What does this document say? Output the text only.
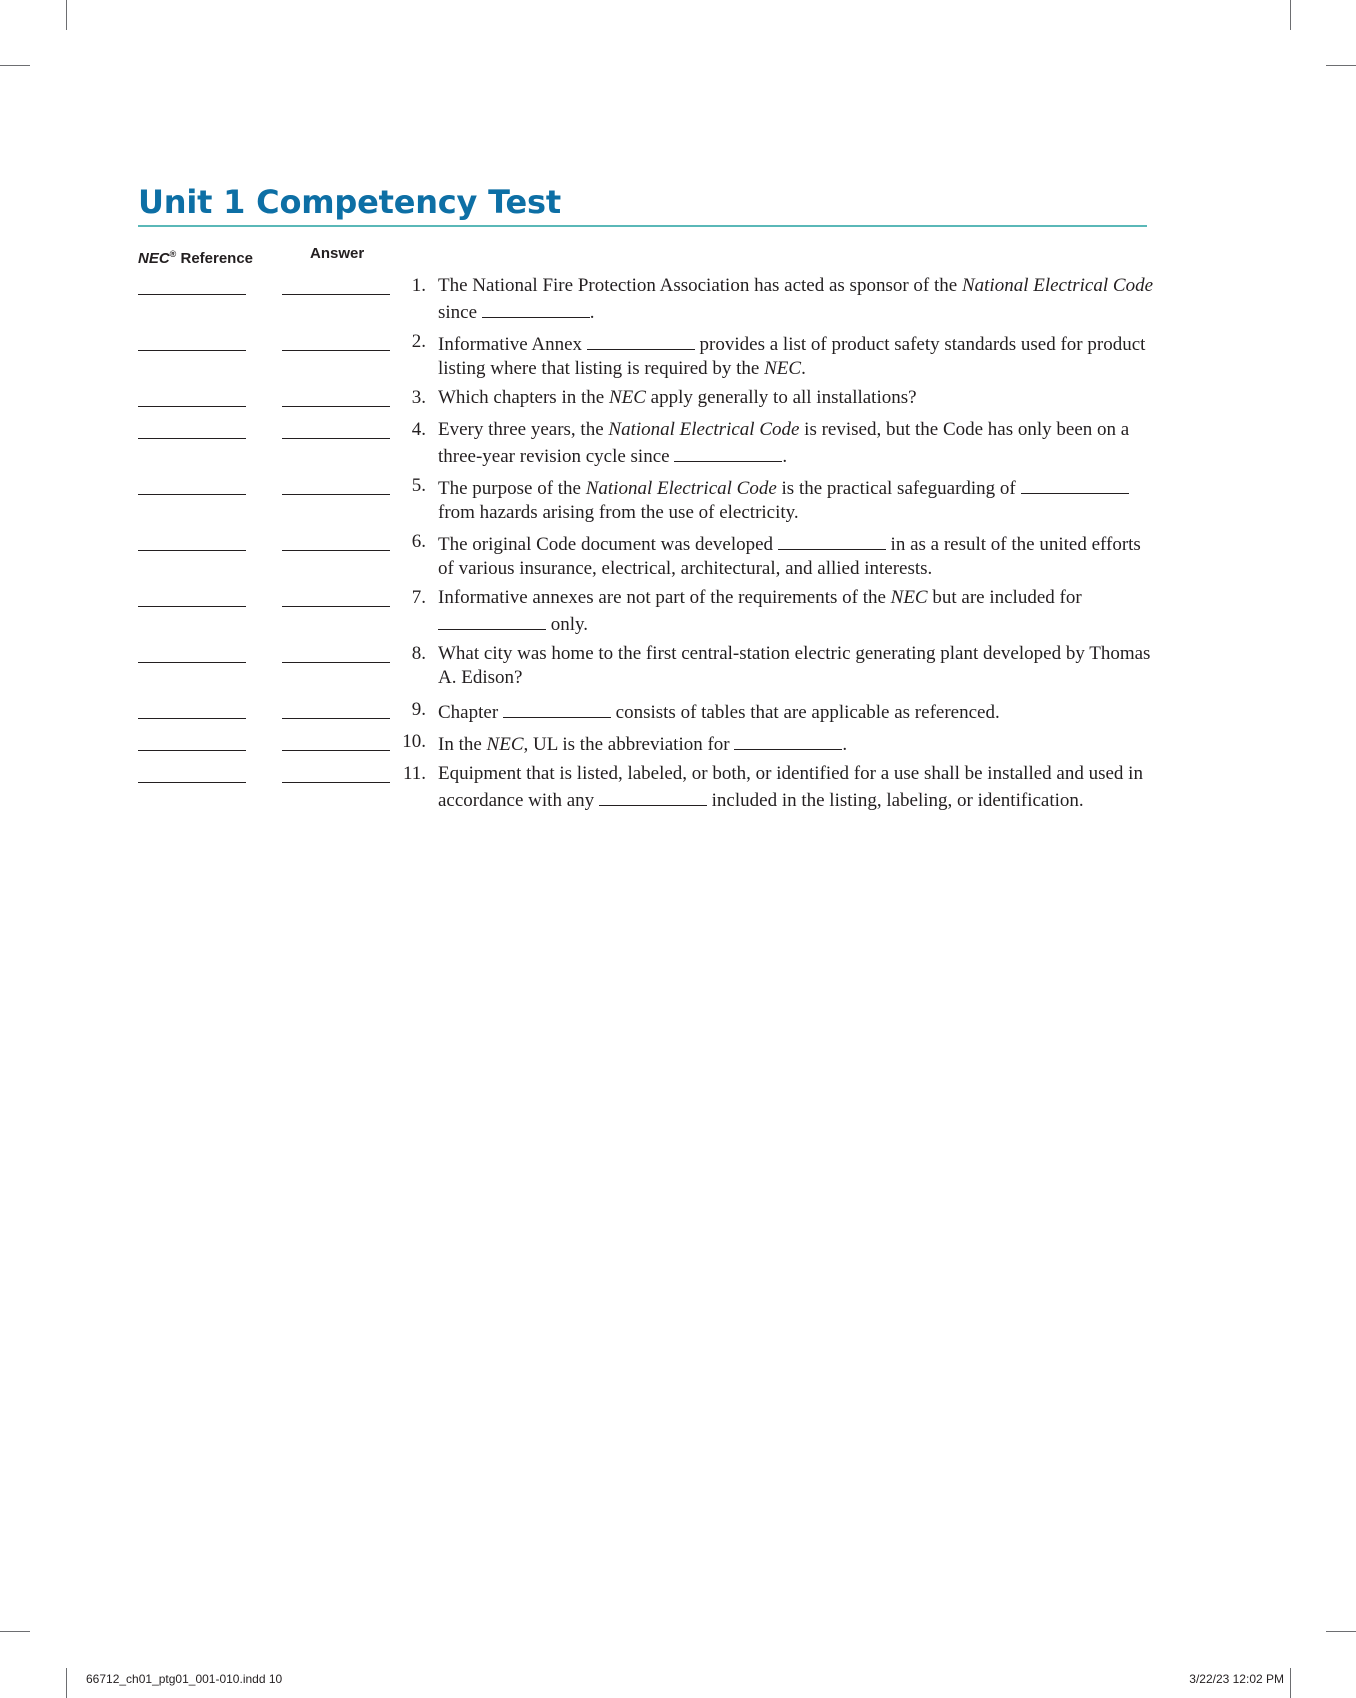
Unit 1 Competency Test
NEC® Reference	Answer
1. The National Fire Protection Association has acted as sponsor of the National Electrical Code since	.

2. Informative Annex	provides a list of product safety standards used for product listing where that listing is required by the NEC.

3. Which chapters in the NEC apply generally to all installations?

4. Every three years, the National Electrical Code is revised, but the Code has only been on a three-year revision cycle since	.

5. The purpose of the National Electrical Code is the practical safeguarding of  from hazards arising from the use of electricity.

6. The original Code document was developed	in as a result of the united efforts of various insurance, electrical, architectural, and allied interests.

7. Informative annexes are not part of the requirements of the NEC but are included for  only.

8. What city was home to the first central-station electric generating plant developed by Thomas A. Edison?

9. Chapter	consists of tables that are applicable as referenced.

10. In the NEC, UL is the abbreviation for	.

11. Equipment that is listed, labeled, or both, or identified for a use shall be installed and used in accordance with any	included in the listing, labeling, or identification.

66712_ch01_ptg01_001-010.indd 10	3/22/23 12:02 PM
